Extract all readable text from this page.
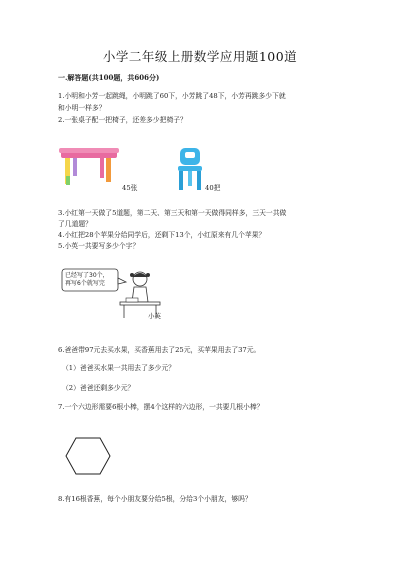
小学二年级上册数学应用题100道
一.解答题(共100题，共606分)
1.小明和小芳一起跳绳，小明跳了60下，小芳跳了48下，小芳再跳多少下就
和小明一样多？
2.一张桌子配一把椅子，还差多少把椅子？
45张	40把
3.小红第一天做了5道题，第二天、第三天和第一天做得同样多，三天一共做
了几道题？
4.小红把28个苹果分给同学后，还剩下13个，小红原来有几个苹果？
5.小英一共要写多少个字？
已经写了30个，
再写6个就写完
小英
6.爸爸带97元去买水果，买香蕉用去了25元，买苹果用去了37元。
（1）爸爸买水果一共用去了多少元？
（2）爸爸还剩多少元？
7.一个六边形需要6根小棒，摆4个这样的六边形，一共要几根小棒？
8.有16根香蕉，每个小朋友要分给5根，分给3个小朋友，够吗？
